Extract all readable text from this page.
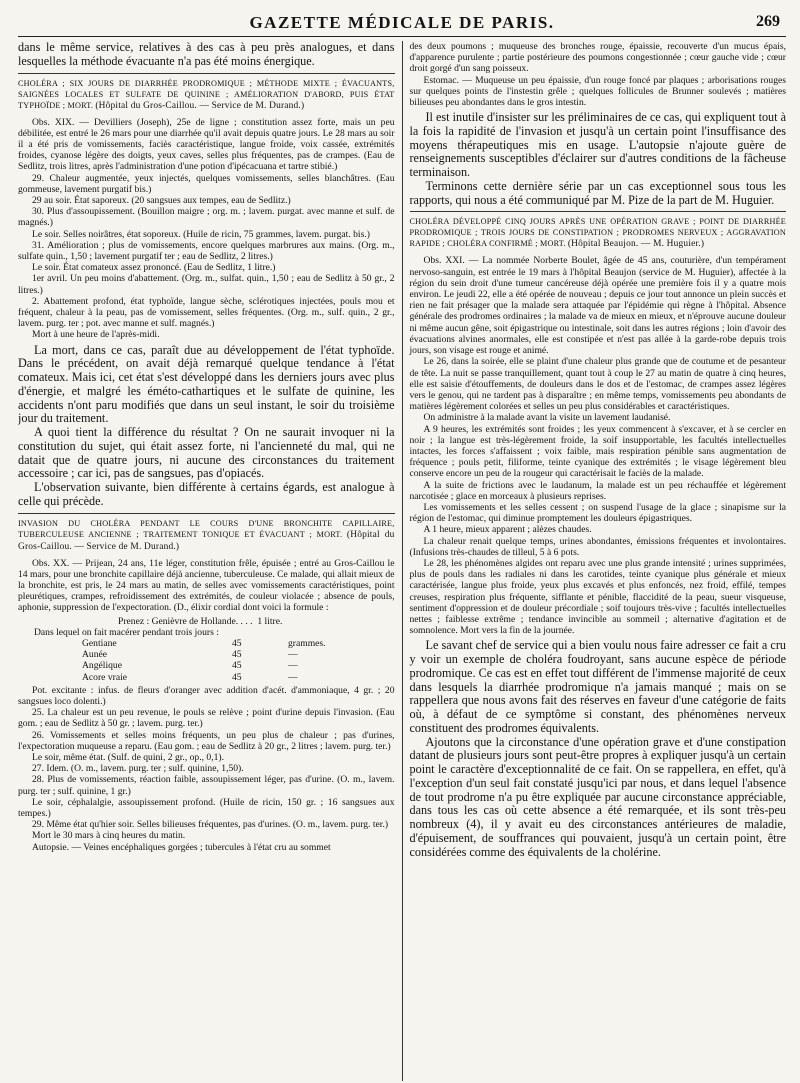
GAZETTE MÉDICALE DE PARIS.	269

dans le même service, relatives à des cas à peu près analogues, et dans lesquelles la méthode évacuante n'a pas été moins énergique.

CHOLÉRA ; SIX JOURS DE DIARRHÉE PRODROMIQUE ; MÉTHODE MIXTE ; ÉVACUANTS, SAIGNÉES LOCALES ET SULFATE DE QUININE ; AMÉLIORATION D'ABORD, PUIS ÉTAT TYPHOÏDE ; MORT. (Hôpital du Gros-Caillou. — Service de M. Durand.)

Obs. XIX. — Devilliers (Joseph), 25e de ligne ; constitution assez forte, mais un peu débilitée, est entré le 26 mars pour une diarrhée qu'il avait depuis quatre jours. Le 28 mars au soir il a été pris de vomissements, faciès caractéristique, langue froide, voix cassée, extrémités froides, cyanose légère des doigts, yeux caves, selles plus fréquentes, pas de crampes. (Eau de Sedlitz, trois litres, après l'administration d'une potion d'ipécacuana et tartre stibié.)

29. Chaleur augmentée, yeux injectés, quelques vomissements, selles blanchâtres. (Eau gommeuse, lavement purgatif bis.)

29 au soir. État saporeux. (20 sangsues aux tempes, eau de Sedlitz.)

30. Plus d'assoupissement. (Bouillon maigre ; org. m. ; lavem. purgat. avec manne et sulf. de magnés.)

Le soir. Selles noirâtres, état soporeux. (Huile de ricin, 75 grammes, lavem. purgat. bis.)

31. Amélioration ; plus de vomissements, encore quelques marbrures aux mains. (Org. m., sulfate quin., 1,50 ; lavement purgatif ter ; eau de Sedlitz, 2 litres.)

Le soir. État comateux assez prononcé. (Eau de Sedlitz, 1 litre.)

1er avril. Un peu moins d'abattement. (Org. m., sulfat. quin., 1,50 ; eau de Sedlitz à 50 gr., 2 litres.)

2. Abattement profond, état typhoïde, langue sèche, sclérotiques injectées, pouls mou et fréquent, chaleur à la peau, pas de vomissement, selles fréquentes. (Org. m., sulf. quin., 2 gr., lavem. purg. ter ; pot. avec manne et sulf. magnés.)

Mort à une heure de l'après-midi.

La mort, dans ce cas, paraît due au développement de l'état typhoïde. Dans le précédent, on avait déjà remarqué quelque tendance à l'état comateux. Mais ici, cet état s'est développé dans les derniers jours avec plus d'énergie, et malgré les éméto-cathartiques et le sulfate de quinine, les accidents n'ont paru modifiés que dans un seul instant, le soir du troisième jour du traitement.

A quoi tient la différence du résultat ? On ne saurait invoquer ni la constitution du sujet, qui était assez forte, ni l'ancienneté du mal, qui ne datait que de quatre jours, ni aucune des circonstances du traitement accessoire ; car ici, pas de sangsues, pas d'opiacés.

L'observation suivante, bien différente à certains égards, est analogue à celle qui précède.

INVASION DU CHOLÉRA PENDANT LE COURS D'UNE BRONCHITE CAPILLAIRE, TUBERCULEUSE ANCIENNE ; TRAITEMENT TONIQUE ET ÉVACUANT ; MORT. (Hôpital du Gros-Caillou. — Service de M. Durand.)

Obs. XX. — Prijean, 24 ans, 11e léger, constitution frêle, épuisée ; entré au Gros-Caillou le 14 mars, pour une bronchite capillaire déjà ancienne, tuberculeuse. Ce malade, qui allait mieux de la bronchite, est pris, le 24 mars au matin, de selles avec vomissements caractéristiques, point pleurétiques, crampes, refroidissement des extrémités, de couleur violacée ; absence de pouls, aphonie, suppression de l'expectoration. (D., élixir cordial dont voici la formule :

Prenez : Genièvre de Hollande. . . .
1 litre.
Dans lequel on fait macérer pendant trois jours :
Gentiane	45	grammes.
Aunée	45	—
Angélique	45	—
Acore vraie	45	—

Pot. excitante : infus. de fleurs d'oranger avec addition d'acét. d'ammoniaque, 4 gr. ; 20 sangsues loco dolenti.)

25. La chaleur est un peu revenue, le pouls se relève ; point d'urine depuis l'invasion. (Eau gom. ; eau de Sedlitz à 50 gr. ; lavem. purg. ter.)

26. Vomissements et selles moins fréquents, un peu plus de chaleur ; pas d'urines, l'expectoration muqueuse a reparu. (Eau gom. ; eau de Sedlitz à 20 gr., 2 litres ; lavem. purg. ter.)

Le soir, même état. (Sulf. de quini, 2 gr., op., 0,1).

27. Idem. (O. m., lavem. purg. ter ; sulf. quinine, 1,50).

28. Plus de vomissements, réaction faible, assoupissement léger, pas d'urine. (O. m., lavem. purg. ter ; sulf. quinine, 1 gr.)

Le soir, céphalalgie, assoupissement profond. (Huile de ricin, 150 gr. ; 16 sangsues aux tempes.)

29. Même état qu'hier soir. Selles bilieuses fréquentes, pas d'urines. (O. m., lavem. purg. ter.)

Mort le 30 mars à cinq heures du matin.

Autopsie. — Veines encéphaliques gorgées ; tubercules à l'état cru au sommet

des deux poumons ; muqueuse des bronches rouge, épaissie, recouverte d'un mucus épais, d'apparence purulente ; partie postérieure des poumons congestionnée ; cœur gauche vide ; cœur droit gorgé d'un sang poisseux.

Estomac. — Muqueuse un peu épaissie, d'un rouge foncé par plaques ; arborisations rouges sur quelques points de l'instestin grêle ; quelques follicules de Brunner soulevés ; matières bilieuses peu abondantes dans le gros intestin.

Il est inutile d'insister sur les préliminaires de ce cas, qui expliquent tout à la fois la rapidité de l'invasion et jusqu'à un certain point l'insuffisance des moyens thérapeutiques mis en usage. L'autopsie n'ajoute guère de renseignements susceptibles d'éclairer sur d'autres conditions de la fâcheuse terminaison.

Terminons cette dernière série par un cas exceptionnel sous tous les rapports, qui nous a été communiqué par M. Pize de la part de M. Huguier.

CHOLÉRA DÉVELOPPÉ CINQ JOURS APRÈS UNE OPÉRATION GRAVE ; POINT DE DIARRHÉE PRODROMIQUE ; TROIS JOURS DE CONSTIPATION ; PRODROMES NERVEUX ; AGGRAVATION RAPIDE ; CHOLÉRA CONFIRMÉ ; MORT. (Hôpital Beaujon. — M. Huguier.)

Obs. XXI. — La nommée Norberte Boulet, âgée de 45 ans, couturière, d'un tempérament nervoso-sanguin, est entrée le 19 mars à l'hôpital Beaujon (service de M. Huguier), affectée à la région du sein droit d'une tumeur cancéreuse déjà opérée une première fois il y a quatre mois environ. Le jeudi 22, elle a été opérée de nouveau ; depuis ce jour tout annonce un plein succès et rien ne fait présager que la malade sera attaquée par l'épidémie qui règne à l'hôpital. Absence générale des prodromes ordinaires ; la malade va de mieux en mieux, et n'éprouve aucune douleur ni même aucun gêne, soit épigastrique ou intestinale, soit dans les autres régions ; loin d'avoir des évacuations alvines anormales, elle est constipée et n'est pas allée à la garde-robe depuis trois jours, son visage est rouge et animé.

Le 26, dans la soirée, elle se plaint d'une chaleur plus grande que de coutume et de pesanteur de tête. La nuit se passe tranquillement, quant tout à coup le 27 au matin de quatre à cinq heures, elle est saisie d'étouffements, de douleurs dans le dos et de l'estomac, de crampes assez légères vers le genou, qui ne tardent pas à disparaître ; en même temps, vomissements peu abondants de matières légèrement colorées et selles un peu plus considérables et caractéristiques.

On administre à la malade avant la visite un lavement laudanisé.

A 9 heures, les extrémités sont froides ; les yeux commencent à s'excaver, et à se cercler en noir ; la langue est très-légèrement froide, la soif insupportable, les facultés intellectuelles intactes, les forces s'affaissent ; voix faible, mais respiration pénible sans augmentation de fréquence ; pouls petit, filiforme, teinte cyanique des extrémités ; le visage légèrement bleu conserve encore un peu de la rougeur qui caractérisait le faciès de la malade.

A la suite de frictions avec le laudanum, la malade est un peu réchauffée et légèrement narcotisée ; glace en morceaux à plusieurs reprises.

Les vomissements et les selles cessent ; on suspend l'usage de la glace ; sinapisme sur la région de l'estomac, qui diminue promptement les douleurs épigastriques.

A 1 heure, mieux apparent ; alèzes chaudes.

La chaleur renait quelque temps, urines abondantes, émissions fréquentes et involontaires. (Infusions très-chaudes de tilleul, 5 à 6 pots.

Le 28, les phénomènes algides ont reparu avec une plus grande intensité ; urines supprimées, plus de pouls dans les radiales ni dans les carotides, teinte cyanique plus générale et mieux caractérisée, langue plus froide, yeux plus excavés et plus enfoncés, nez froid, effilé, tempes creuses, respiration plus fréquente, sifflante et pénible, flaccidité de la peau, sueur visqueuse, sentiment d'oppression et de douleur précordiale ; soif toujours très-vive ; facultés intellectuelles nettes ; faiblesse extrême ; tendance invincible au sommeil ; alternative d'agitation et de somnolence. Mort vers la fin de la journée.

Le savant chef de service qui a bien voulu nous faire adresser ce fait a cru y voir un exemple de choléra foudroyant, sans aucune espèce de période prodromique. Ce cas est en effet tout différent de l'immense majorité de ceux dans lesquels la diarrhée prodromique n'a jamais manqué ; mais on se rappellera que nous avons fait des réserves en faveur d'une catégorie de faits où, à défaut de ce symptôme si constant, des phénomènes nerveux constituent des prodromes équivalents.

Ajoutons que la circonstance d'une opération grave et d'une constipation datant de plusieurs jours sont peut-être propres à expliquer jusqu'à un certain point le caractère d'exceptionnalité de ce fait. On se rappellera, en effet, qu'à l'exception d'un seul fait constaté jusqu'ici par nous, et dans lequel l'absence de tout prodrome n'a pu être expliquée par aucune circonstance appréciable, dans tous les cas où cette absence a été remarquée, et ils sont très-peu nombreux (4), il y avait eu des circonstances antérieures de maladie, d'épuisement, de souffrances qui pouvaient, jusqu'à un certain point, être considérées comme des équivalents de la cholérine.
